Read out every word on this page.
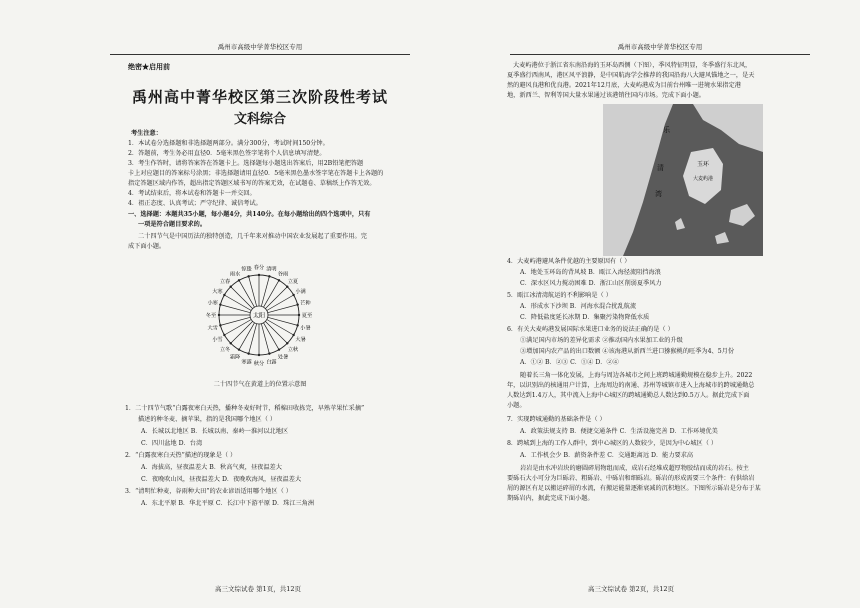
禹州市高级中学菁华校区专用
绝密★启用前
禹州高中菁华校区第三次阶段性考试
文科综合
考生注意：
1．本试卷分选择题和非选择题两部分。满分300分，考试时间150分钟。
2．答题前，考生务必用直径0．5毫米黑色签字笔将个人信息填写清楚。
3．考生作答时，请将答案答在答题卡上。选择题每小题选出答案后，用2B铅笔把答题
卡上对应题目的答案标号涂黑；非选择题请用直径0．5毫米黑色墨水签字笔在答题卡上各题的
指定答题区域内作答，超出指定答题区域书写的答案无效，在试题卷、草稿纸上作答无效。
4．考试结束后，将本试卷和答题卡一并交回。
4．祖正态度、认真考试；严守纪律、诚信考试。
一、选择题：本题共35小题，每小题4分，共140分。在每小题给出的四个选项中，只有
一项是符合题目要求的。
二十四节气是中国历法的独特创造，几千年来对推动中国农业发展起了重要作用。完
成下面小题。
太阳
春分 清明
谷雨
立夏
小满
芒种
夏至
小暑
大暑
立秋
处暑
白露
秋分
寒露
霜降
立冬
小雪
大雪
冬至
小寒
大寒
立春
雨水
惊蛰
二十四节气在黄道上的位置示意图
1．二十四节气歌“白露夜寒白天热，播种冬麦好时节，稻棉田收拣完，早熟苹果忙采摘”
描述的种冬麦、摘苹果，指的是我国哪个地区（ ）
A．长城以北地区 B．长城以南、秦岭一淮河以北地区
C．四川盆地 D．台湾
2．“白露夜寒白天热”描述的现象是（ ）
A．海拔高，昼夜温差大 B．秋高气爽，昼夜温差大
C．夜晚吹山风，昼夜温差大 D．夜晚吹海风，昼夜温差大
3．“清明忙种麦，谷雨种大田”的农业谚语适用哪个地区（ ）
A．东北平原 B．华北平原 C．长江中下游平原 D．珠江三角洲
高三文综试卷 第1页，共12页
禹州市高级中学菁华校区专用
大麦屿港位于浙江省东南沿海的玉环岛西侧（下图），季风特征明显，冬季盛行东北风，
夏季盛行西南风，港区风平浪静，是中国航海学会推荐的我国沿海八大避风锚地之一，是天
然的避风良港和优良港。2021年12月底，大麦屿港成为目前台州唯一进境水果指定港
地，新西兰、智利等国大量水果通过该港销往国内市场。完成下面小题。
乐
清
湾
大麦屿港
玉环
4．大麦屿港避风条件优越的主要原因有（ ）
A．地处玉环岛的背风坡 B．瓯江入海径流阻挡海浪
C．深水区风力搅动困难 D．浙江山区削弱夏季风力
5．瓯江冰清湾航运的不利影响是（ ）
A．形成水下沙坝 B．河海水混合扰乱航流
C．降低盐度延长冰期 D．集聚污染物降低水质
6．有关大麦屿港发展国际水果进口业务的说法正确的是（ ）
①满足国内市场的差异化需求 ②推动国内水果加工业的升级
③增加国内农产品的出口数额 ④该海港从新西兰进口猕猴桃的旺季为4、5月份
A．①② B．②③ C．①④ D．②④
随着长三角一体化发展，上海与周边各城市之间上班跨城通勤规模在稳步上升。2022
年，以识别出的核通用户计算，上海周边的南通、苏州等城镇市进入上海城市的跨城通勤总
人数达到1.4万人，其中流入上海中心城区的跨城通勤总人数达到0.5万人。据此完成下面
小题。
7．实现跨城通勤的基础条件是（ ）
A．政策法规支持 B．便捷交通条件 C．生活设施完善 D．工作环境优美
8．跨城到上海的工作人群中，到中心城区的人数较少，是因为中心城区（ ）
A．工作机会少 B．薪资条件差 C．交通距离远 D．能力要求高
岩岩是由水冲岩块的磨圆碎屑物组而成，成岩石经堆成超厚物胶结而成的岩石。按主
要砾石大小可分为巨砾岩、粗砾岩、中砾岩和细砾岩。砾岩的形成需要三个条件：有供给岩
屑的源区有足以搬运碎屑的水流，有搬运能量逐渐衰减的沉积地区。下图所示砾岩是分布于某
期砾岩内，据此完成下面小题。
高三文综试卷 第2页，共12页
